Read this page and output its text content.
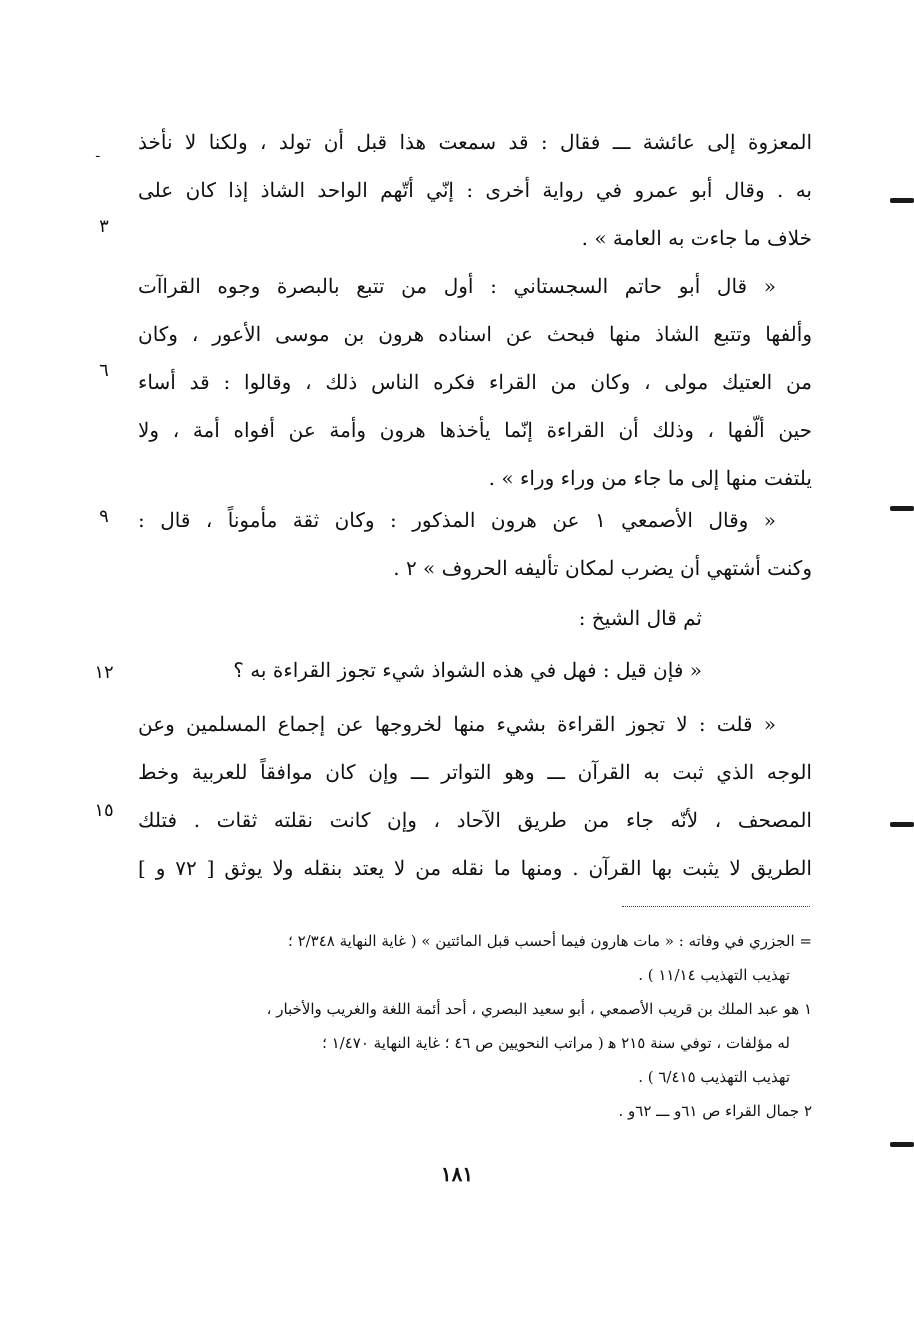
ـ المعزوة إلى عائشة ـــ فقال : قد سمعت هذا قبل أن تولد ، ولكنا لا نأخذ
به . وقال أبو عمرو في رواية أخرى : إنّي أتّهم الواحد الشاذ إذا كان على
خلاف ما جاءت به العامة » .
« قال أبو حاتم السجستاني : أول من تتبع بالبصرة وجوه القراآت
وألفها وتتبع الشاذ منها فبحث عن اسناده هرون بن موسى الأعور ، وكان
من العتيك مولى ، وكان من القراء فكره الناس ذلك ، وقالوا : قد أساء
حين ألّفها ، وذلك أن القراءة إنّما يأخذها هرون وأمة عن أفواه أمة ، ولا
يلتفت منها إلى ما جاء من وراء وراء » .
« وقال الأصمعي ١ عن هرون المذكور : وكان ثقة مأموناً ، قال :
وكنت أشتهي أن يضرب لمكان تأليفه الحروف » ٢ .
ثم قال الشيخ :
« فإن قيل : فهل في هذه الشواذ شيء تجوز القراءة به ؟
« قلت : لا تجوز القراءة بشيء منها لخروجها عن إجماع المسلمين وعن
الوجه الذي ثبت به القرآن ـــ وهو التواتر ـــ وإن كان موافقاً للعربية وخط
المصحف ، لأنّه جاء من طريق الآحاد ، وإن كانت نقلته ثقات . فتلك
الطريق لا يثبت بها القرآن . ومنها ما نقله من لا يعتد بنقله ولا يوثق [ ٧٢ و ]
٣
٦
٩
١٢
١٥
= الجزري في وفاته : « مات هارون فيما أحسب قبل المائتين » ( غاية النهاية ٢/٣٤٨ ؛
تهذيب التهذيب ١١/١٤ ) .
١ هو عبد الملك بن قريب الأصمعي ، أبو سعيد البصري ، أحد أئمة اللغة والغريب والأخبار ،
له مؤلفات ، توفي سنة ٢١٥ ﻫ ( مراتب النحويين ص ٤٦ ؛ غاية النهاية ١/٤٧٠ ؛
تهذيب التهذيب ٦/٤١٥ ) .
٢ جمال القراء ص ٦١و ـــ ٦٢و .
١٨١
